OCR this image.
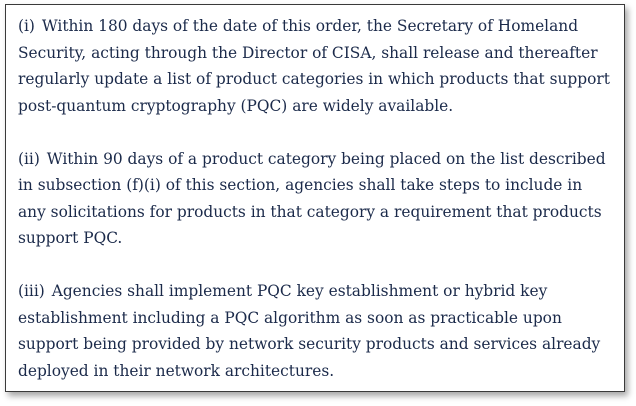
(i) Within 180 days of the date of this order, the Secretary of Homeland Security, acting through the Director of CISA, shall release and thereafter regularly update a list of product categories in which products that support post-quantum cryptography (PQC) are widely available.

(ii) Within 90 days of a product category being placed on the list described in subsection (f)(i) of this section, agencies shall take steps to include in any solicitations for products in that category a requirement that products support PQC.

(iii) Agencies shall implement PQC key establishment or hybrid key establishment including a PQC algorithm as soon as practicable upon support being provided by network security products and services already deployed in their network architectures.
